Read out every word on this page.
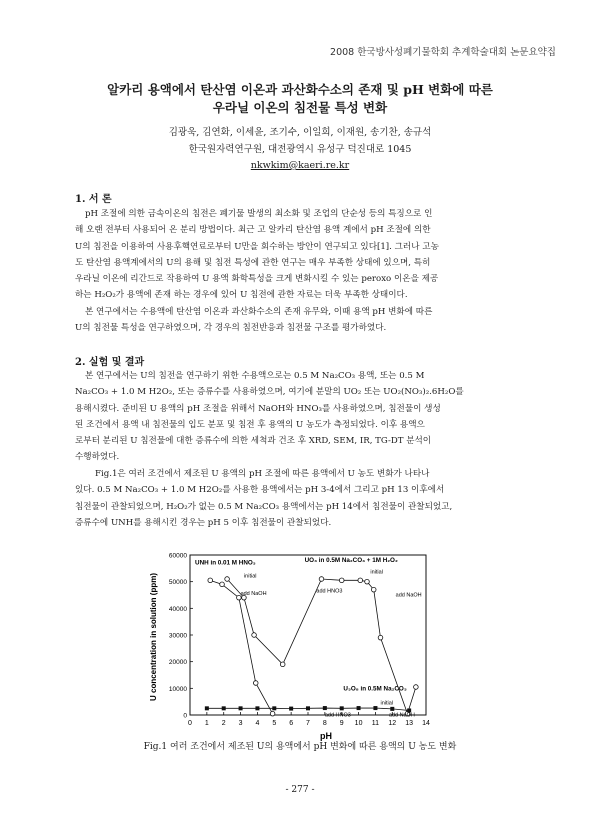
2008 한국방사성폐기물학회 추계학술대회 논문요약집
알카리 용액에서 탄산염 이온과 과산화수소의 존재 및 pH 변화에 따른
우라닐 이온의 침전물 특성 변화
김광욱, 김연화, 이세윤, 조기수, 이일희, 이재원, 송기찬, 송규석
한국원자력연구원, 대전광역시 유성구 덕진대로 1045
nkwkim@kaeri.re.kr
1. 서 론
pH 조절에 의한 금속이온의 침전은 폐기물 발생의 최소화 및 조업의 단순성 등의 특징으로 인
해 오랜 전부터 사용되어 온 분리 방법이다. 최근 고 알카리 탄산염 용액 계에서 pH 조절에 의한
U의 침전을 이용하여 사용후핵연료로부터 U만을 회수하는 방안이 연구되고 있다[1]. 그러나 고농
도 탄산염 용액계에서의 U의 용해 및 침전 특성에 관한 연구는 매우 부족한 상태에 있으며, 특히
우라닐 이온에 리간드로 작용하여 U 용액 화학특성을 크게 변화시킬 수 있는 peroxo 이온을 제공
하는 H₂O₂가 용액에 존재 하는 경우에 있어 U 침전에 관한 자료는 더욱 부족한 상태이다.
본 연구에서는 수용액에 탄산염 이온과 과산화수소의 존재 유무와, 이때 용액 pH 변화에 따른
U의 침전물 특성을 연구하였으며, 각 경우의 침전반응과 침전물 구조를 평가하였다.
2. 실험 및 결과
본 연구에서는 U의 침전을 연구하기 위한 수용액으로는 0.5 M Na₂CO₃ 용액, 또는 0.5 M
Na₂CO₃ + 1.0 M H2O₂, 또는 증류수를 사용하였으며, 여기에 분말의 UO₂ 또는 UO₂(NO₃)₂.6H₂O를
용해시켰다. 준비된 U 용액의 pH 조절을 위해서 NaOH와 HNO₃를 사용하였으며, 침전물이 생성
된 조건에서 용액 내 침전물의 입도 분포 및 침전 후 용액의 U 농도가 측정되었다. 이후 용액으
로부터 분리된 U 침전물에 대한 증류수에 의한 세척과 건조 후 XRD, SEM, IR, TG-DT 분석이
수행하였다.
Fig.1은 여러 조건에서 제조된 U 용액의 pH 조절에 따른 용액에서 U 농도 변화가 나타나
있다. 0.5 M Na₂CO₃ + 1.0 M H2O₂를 사용한 용액에서는 pH 3-4에서 그리고 pH 13 이후에서
침전물이 관찰되었으며, H₂O₂가 없는 0.5 M Na₂CO₃ 용액에서는 pH 14에서 침전물이 관찰되었고,
증류수에 UNH를 용해시킨 경우는 pH 5 이후 침전물이 관찰되었다.
0 1 2 3 4 5 6 7 8 9 10 11 12 13 14
0
10000
20000
30000
40000
50000
60000
UNH in 0.01 M HNO₃	UO₃ in 0.5M Na₂CO₃ + 1M H₂O₂
U₃O₈ in 0.5M Na₂CO₃
initial
add NaOH
initial
add HNO3
add NaOH
initial
add HNO3	add NaOH
U concentration in solution (ppm)
pH
Fig.1 여러 조건에서 제조된 U의 용액에서 pH 변화에 따른 용액의 U 농도 변화
- 277 -
